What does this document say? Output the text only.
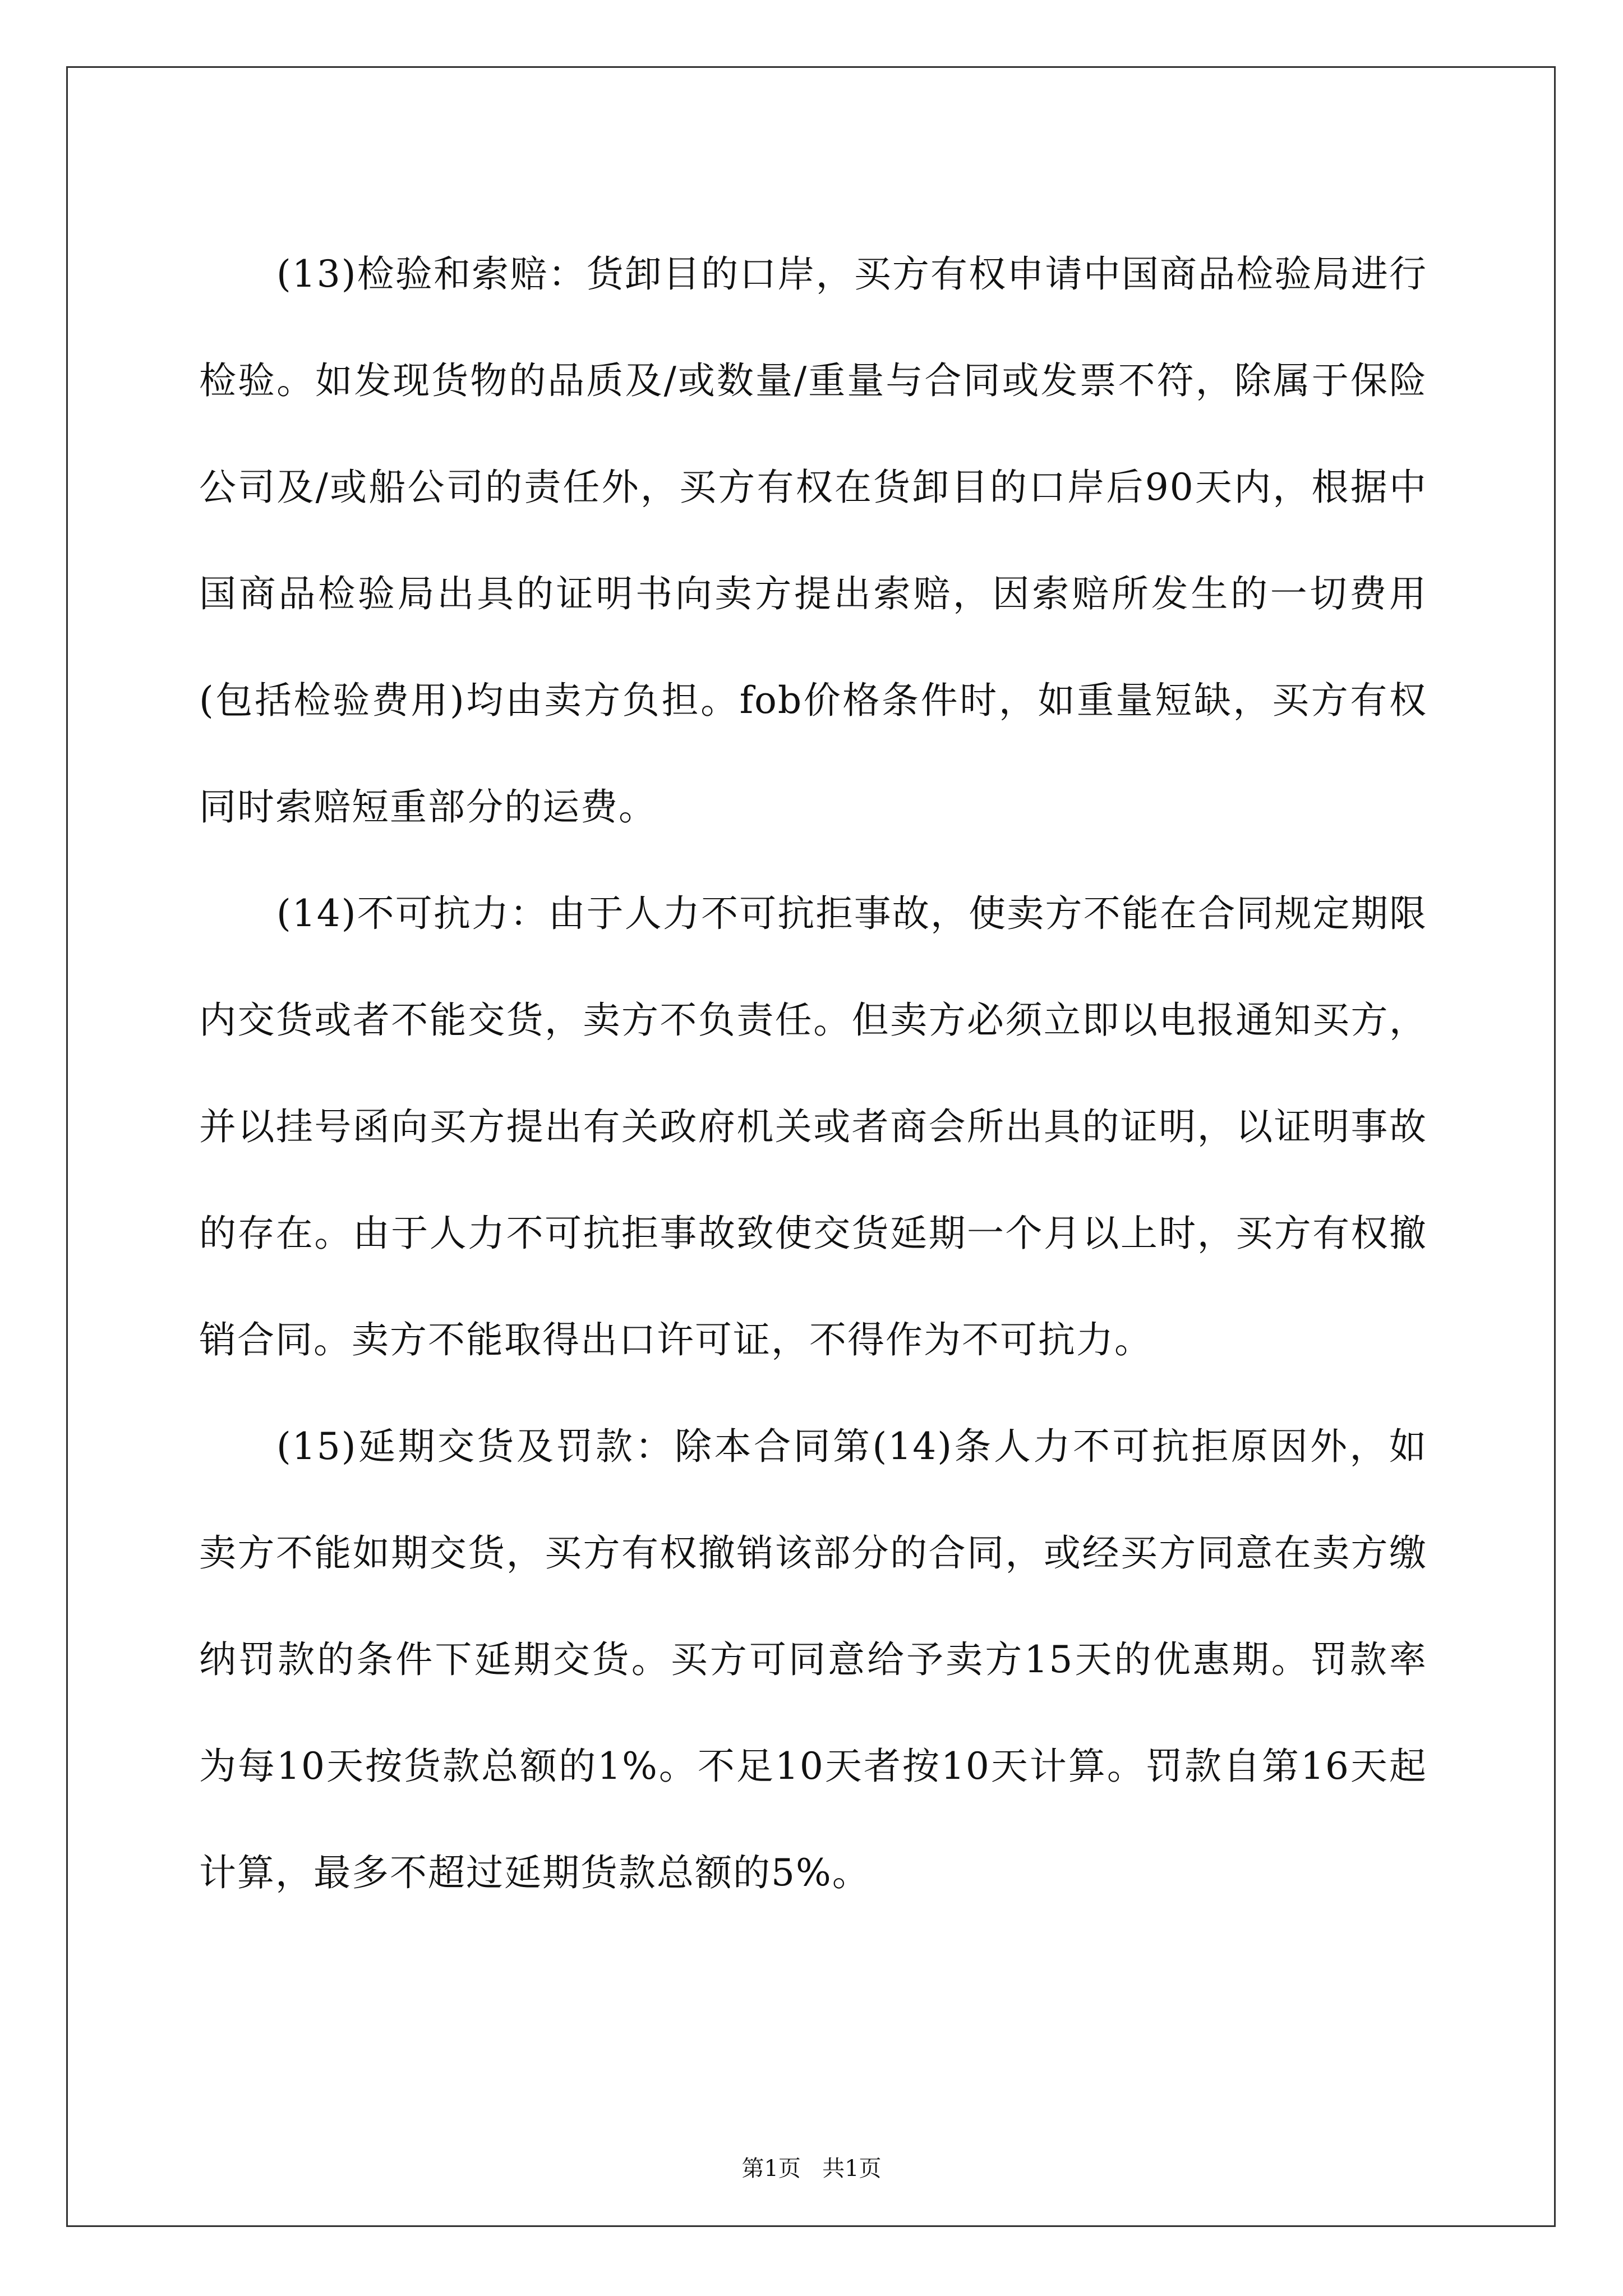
(13)检验和索赔：货卸目的口岸，买方有权申请中国商品检验局进行检验。如发现货物的品质及/或数量/重量与合同或发票不符，除属于保险公司及/或船公司的责任外，买方有权在货卸目的口岸后90天内，根据中国商品检验局出具的证明书向卖方提出索赔，因索赔所发生的一切费用(包括检验费用)均由卖方负担。fob价格条件时，如重量短缺，买方有权同时索赔短重部分的运费。

(14)不可抗力：由于人力不可抗拒事故，使卖方不能在合同规定期限内交货或者不能交货，卖方不负责任。但卖方必须立即以电报通知买方，并以挂号函向买方提出有关政府机关或者商会所出具的证明，以证明事故的存在。由于人力不可抗拒事故致使交货延期一个月以上时，买方有权撤销合同。卖方不能取得出口许可证，不得作为不可抗力。

(15)延期交货及罚款：除本合同第(14)条人力不可抗拒原因外，如卖方不能如期交货，买方有权撤销该部分的合同，或经买方同意在卖方缴纳罚款的条件下延期交货。买方可同意给予卖方15天的优惠期。罚款率为每10天按货款总额的1%。不足10天者按10天计算。罚款自第16天起计算，最多不超过延期货款总额的5%。

第1页 共1页
